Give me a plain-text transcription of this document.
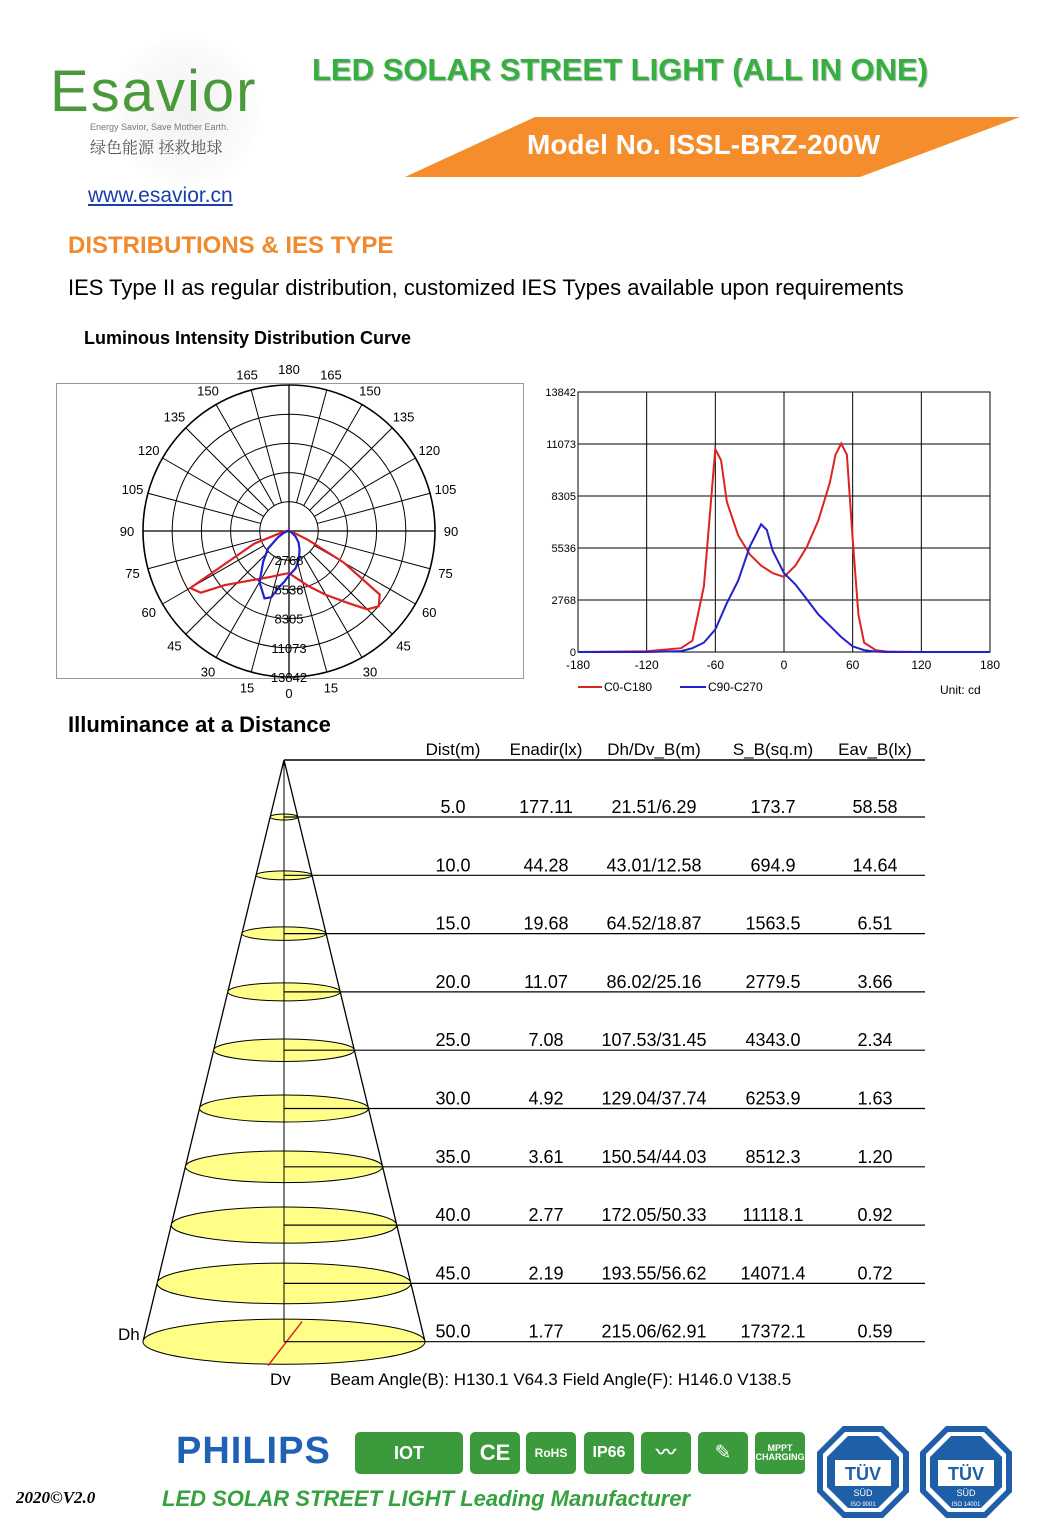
Esavior
Energy Savior, Save Mother Earth.
绿色能源 拯救地球
LED SOLAR STREET LIGHT (ALL IN ONE)
Model No. ISSL-BRZ-200W
www.esavior.cn
DISTRIBUTIONS & IES TYPE
IES Type II as regular distribution, customized IES Types available upon requirements
Luminous Intensity Distribution Curve
0 15
15
30
30
45
45
60
60
75
75
90
90
105
105
120
120
135
135
150
150
165
165 180
2768
5536
8305
11073
13842
-180	-120	-60	0	60	120	180
0
2768
5536
8305
11073
13842
C0-C180	C90-C270	Unit: cd
Illuminance at a Distance
Dist(m) Enadir(lx) Dh/Dv_B(m) S_B(sq.m) Eav_B(lx)
5.0	177.11 21.51/6.29	173.7	58.58
10.0	44.28 43.01/12.58	694.9	14.64
15.0	19.68 64.52/18.87 1563.5	6.51
20.0	11.07 86.02/25.16 2779.5	3.66
25.0	7.08 107.53/31.45 4343.0	2.34
30.0	4.92 129.04/37.74 6253.9	1.63
35.0	3.61 150.54/44.03 8512.3	1.20
40.0	2.77 172.05/50.33 11118.1	0.92
45.0	2.19 193.55/56.62 14071.4	0.72
50.0	1.77 215.06/62.91 17372.1	0.59
Dh
Dv Beam Angle(B): H130.1 V64.3 Field Angle(F): H146.0 V138.5
PHILIPS	IOT	CE RoHS IP66	〰	✎	MPPT CHARGING
TÜV
SÜD
ISO 9001
TÜV
SÜD
ISO 14001
2020©V2.0	LED SOLAR STREET LIGHT Leading Manufacturer
